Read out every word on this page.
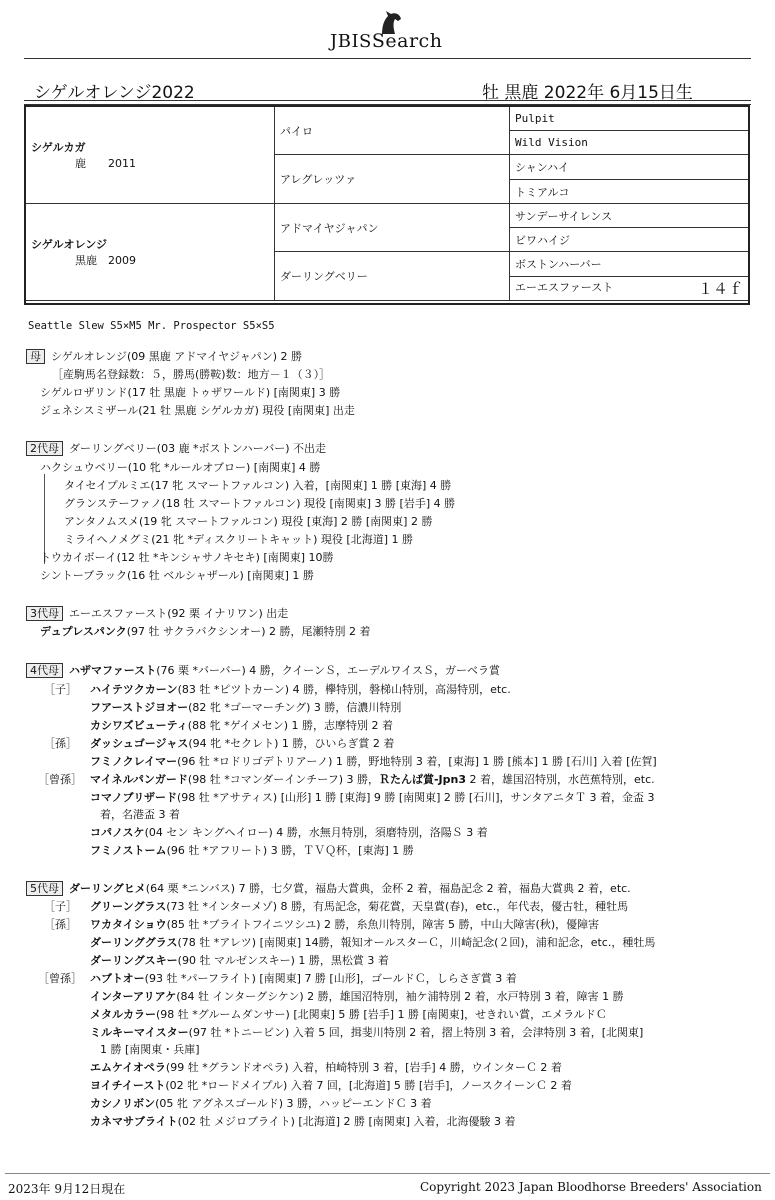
JBISSearch
シゲルオレンジ2022	牡 黒鹿 2022年 6月15日生
シゲルカガ
鹿　　2011	パイロ	Pulpit
		Wild Vision
	アレグレッツァ	シャンハイ
		トミアルコ

シゲルオレンジ
黒鹿　2009	アドマイヤジャパン	サンデーサイレンス
		ビワハイジ
	ダーリングベリー	ボストンハーバー
		エーエスファースト １４ｆ
Seattle Slew S5×M5 Mr. Prospector S5×S5
母 シゲルオレンジ(09 黒鹿 アドマイヤジャパン) 2 勝
［産駒馬名登録数：５，勝馬(勝鞍)数：地方－１（３）］
シゲルロザリンド(17 牡 黒鹿 トゥザワールド) [南関東] 3 勝
ジェネシスミザール(21 牡 黒鹿 シゲルカガ) 現役 [南関東] 出走
2代母 ダーリングベリー(03 鹿 *ボストンハーバー) 不出走
ハクシュウベリー(10 牝 *ルールオブロー) [南関東] 4 勝
タイセイプルミエ(17 牝 スマートファルコン) 入着，[南関東] 1 勝 [東海] 4 勝
グランステーファノ(18 牡 スマートファルコン) 現役 [南関東] 3 勝 [岩手] 4 勝
アンタノムスメ(19 牝 スマートファルコン) 現役 [東海] 2 勝 [南関東] 2 勝
ミライヘノメグミ(21 牝 *ディスクリートキャット) 現役 [北海道] 1 勝
トウカイボーイ(12 牡 *キンシャサノキセキ) [南関東] 10勝
シントーブラック(16 牡 ベルシャザール) [南関東] 1 勝
3代母 エーエスファースト(92 栗 イナリワン) 出走
デュプレスパンク(97 牡 サクラバクシンオー) 2 勝，尾瀬特別 2 着
4代母 ハザマファースト(76 栗 *バーバー) 4 勝，クイーンＳ，エーデルワイスＳ，ガーベラ賞
［子］ ハイテツクカーン(83 牡 *ピツトカーン) 4 勝，欅特別，磐梯山特別，高湯特別，etc.
フアーストジヨオー(82 牝 *ゴーマーチング) 3 勝，信濃川特別
カシワズビューティ(88 牝 *ゲイメセン) 1 勝，志摩特別 2 着
［孫］ ダッシュゴージャス(94 牝 *セクレト) 1 勝，ひいらぎ賞 2 着
フミノクレイマー(96 牡 *ロドリゴデトリアーノ) 1 勝，野地特別 3 着，[東海] 1 勝 [熊本] 1 勝 [石川] 入着 [佐賀]
［曾孫］ マイネルパンガード(98 牡 *コマンダーインチーフ) 3 勝，Ｒたんば賞-Jpn3 2 着，雄国沼特別，水芭蕉特別，etc.
コマノブリザード(98 牡 *アサティス) [山形] 1 勝 [東海] 9 勝 [南関東] 2 勝 [石川]，サンタアニタＴ 3 着，金盃 3
着，名港盃 3 着
コパノスケ(04 セン キングヘイロー) 4 勝，水無月特別，須磨特別，洛陽Ｓ 3 着
フミノストーム(96 牡 *アフリート) 3 勝，ＴＶＱ杯，[東海] 1 勝
5代母 ダーリングヒメ(64 栗 *ニンバス) 7 勝，七夕賞，福島大賞典，金杯 2 着，福島記念 2 着，福島大賞典 2 着，etc.
［子］ グリーングラス(73 牡 *インターメゾ) 8 勝，有馬記念，菊花賞，天皇賞(春)，etc.，年代表，優古牡，種牡馬
［孫］ ワカタイショウ(85 牡 *ブライトフイニツシユ) 2 勝，糸魚川特別，障害 5 勝，中山大障害(秋)，優障害
ダーリンググラス(78 牡 *アレツ) [南関東] 14勝，報知オールスターＣ，川崎記念(２回)，浦和記念，etc.，種牡馬
ダーリングスキー(90 牡 マルゼンスキー) 1 勝，黒松賞 3 着
［曾孫］ ハブトオー(93 牡 *パーフライト) [南関東] 7 勝 [山形]，ゴールドＣ，しらさぎ賞 3 着
インターアリアケ(84 牡 インターグシケン) 2 勝，雄国沼特別，袖ケ浦特別 2 着，水戸特別 3 着，障害 1 勝
メタルカラー(98 牡 *グルームダンサー) [北関東] 5 勝 [岩手] 1 勝 [南関東]，せきれい賞，エメラルドＣ
ミルキーマイスター(97 牡 *トニービン) 入着 5 回，揖斐川特別 2 着，摺上特別 3 着，会津特別 3 着，[北関東]
1 勝 [南関東・兵庫]
エムケイオペラ(99 牡 *グランドオペラ) 入着，柏崎特別 3 着，[岩手] 4 勝，ウインターＣ 2 着
ヨイチイースト(02 牝 *ロードメイプル) 入着 7 回，[北海道] 5 勝 [岩手]，ノースクイーンＣ 2 着
カシノリボン(05 牝 アグネスゴールド) 3 勝，ハッピーエンドＣ 3 着
カネマサブライト(02 牡 メジロブライト) [北海道] 2 勝 [南関東] 入着，北海優駿 3 着
2023年 9月12日現在	Copyright 2023 Japan Bloodhorse Breeders' Association
